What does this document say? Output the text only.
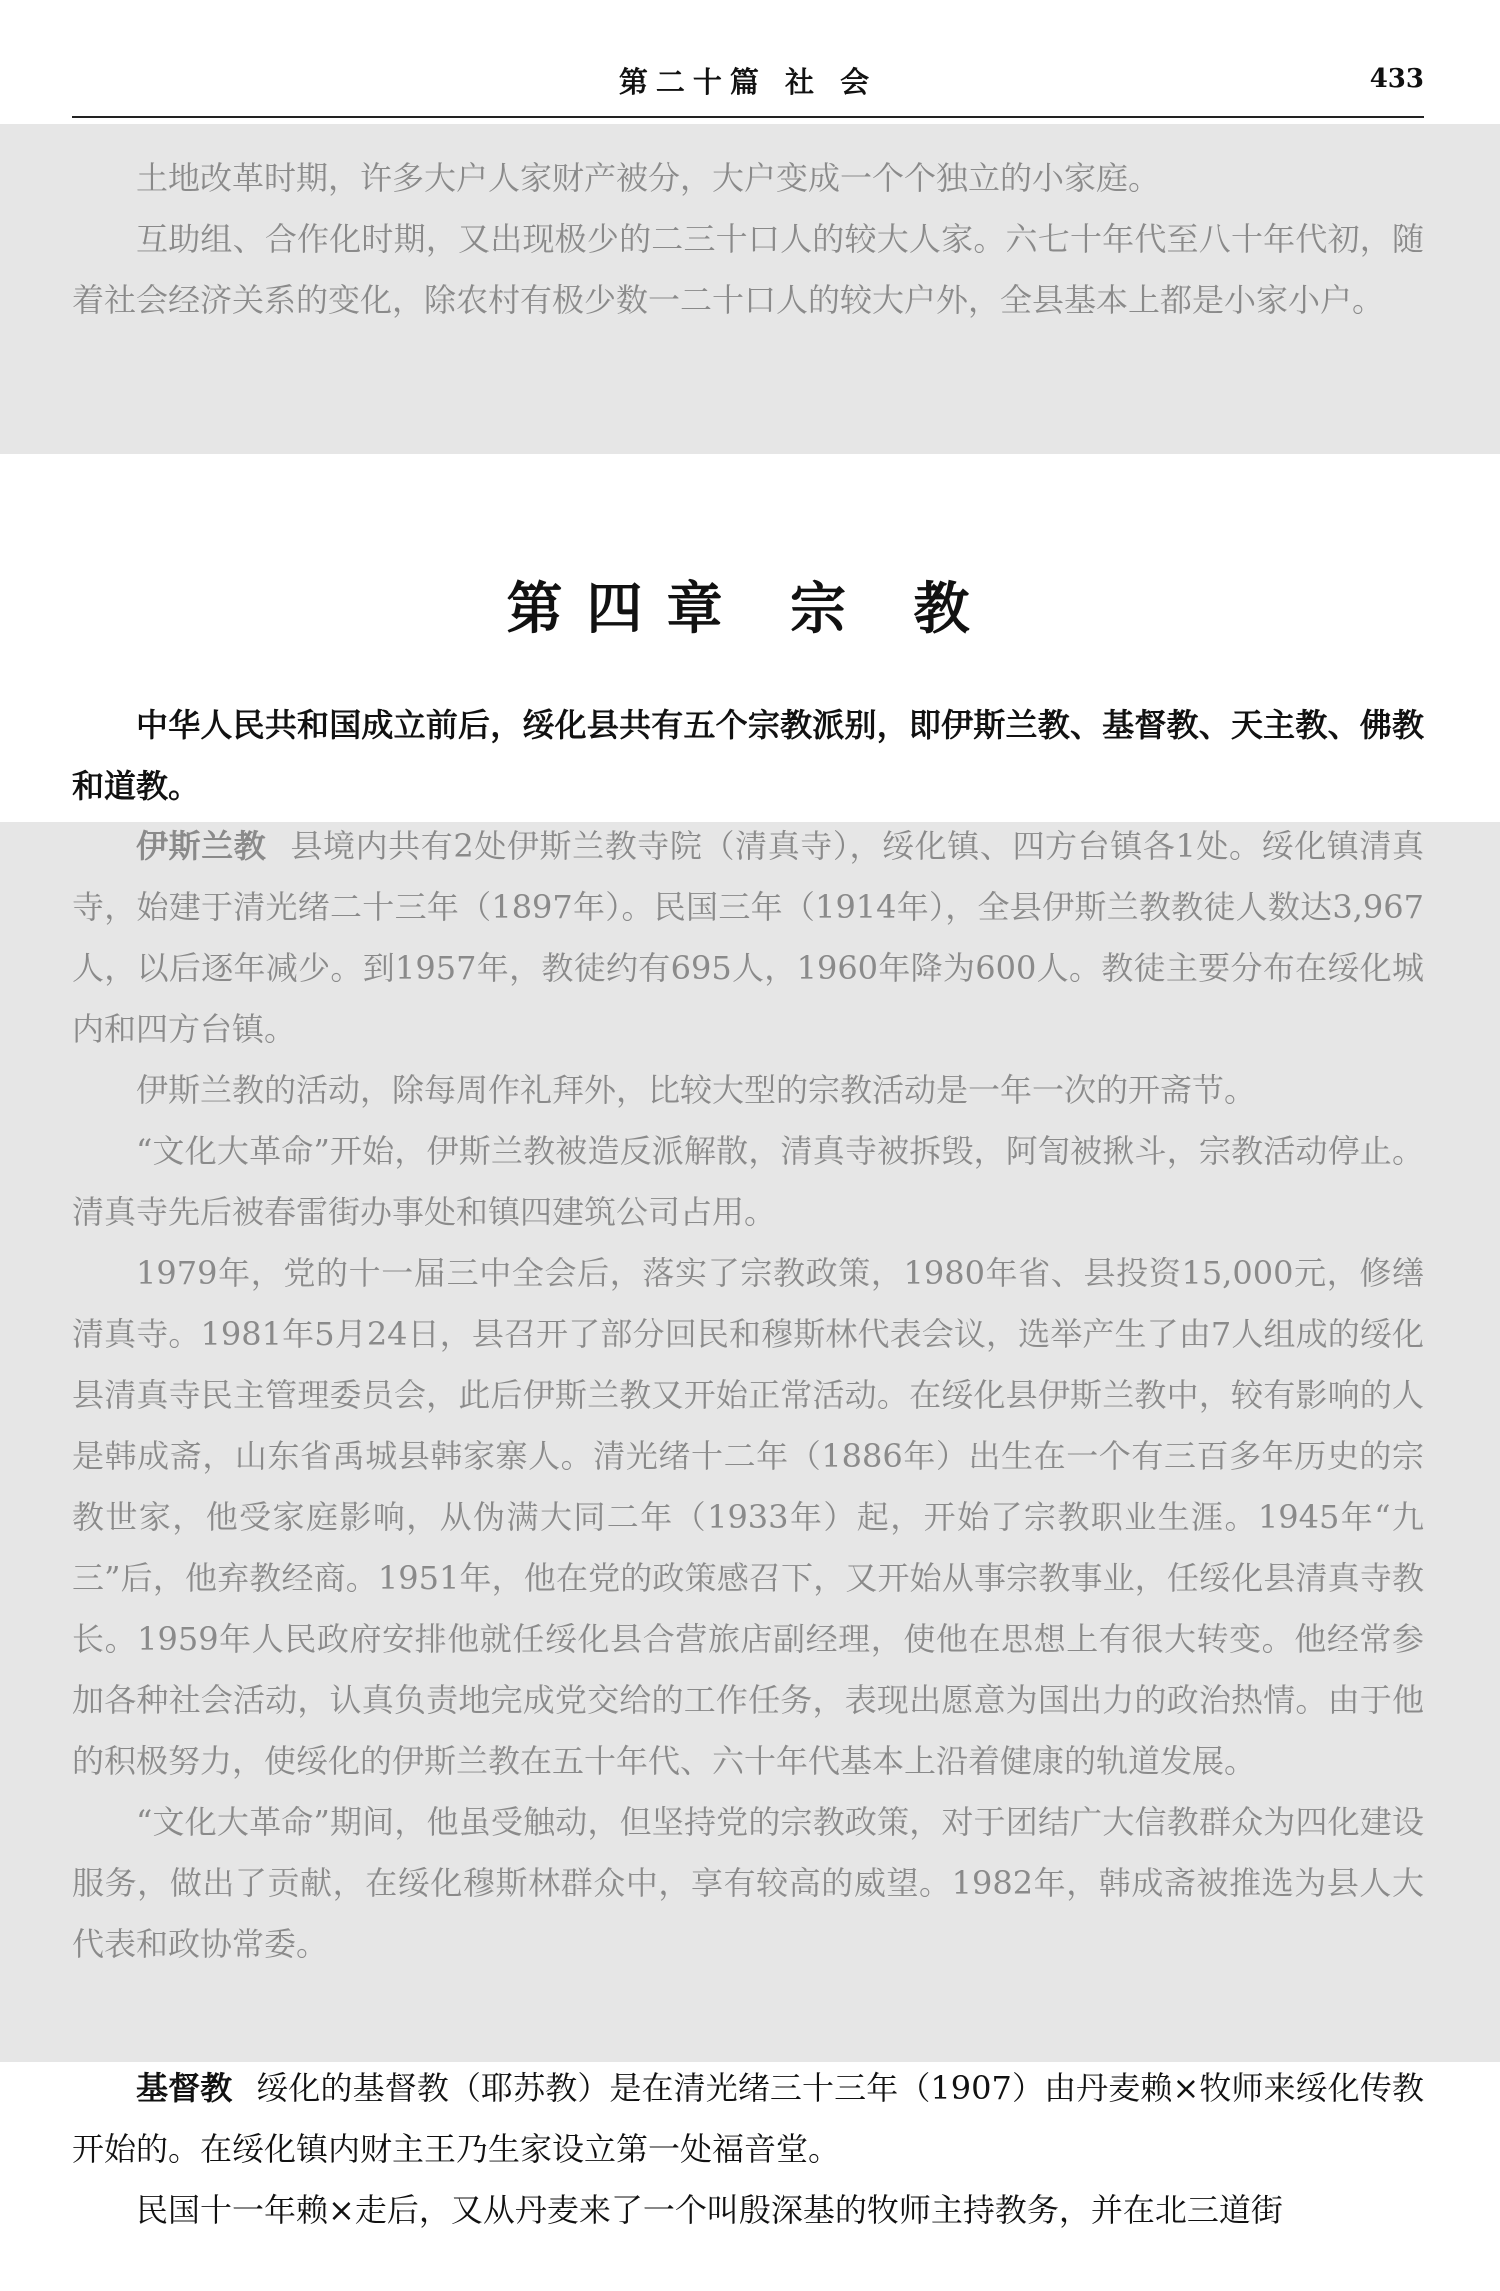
第二十篇 社 会	433

土地改革时期，许多大户人家财产被分，大户变成一个个独立的小家庭。

互助组、合作化时期，又出现极少的二三十口人的较大人家。六七十年代至八十年代初，随着社会经济关系的变化，除农村有极少数一二十口人的较大户外，全县基本上都是小家小户。

第四章 宗 教

中华人民共和国成立前后，绥化县共有五个宗教派别，即伊斯兰教、基督教、天主教、佛教和道教。

伊斯兰教 县境内共有2处伊斯兰教寺院（清真寺），绥化镇、四方台镇各1处。绥化镇清真寺，始建于清光绪二十三年（1897年）。民国三年（1914年），全县伊斯兰教教徒人数达3,967人，以后逐年减少。到1957年，教徒约有695人，1960年降为600人。教徒主要分布在绥化城内和四方台镇。

伊斯兰教的活动，除每周作礼拜外，比较大型的宗教活动是一年一次的开斋节。

“文化大革命”开始，伊斯兰教被造反派解散，清真寺被拆毁，阿訇被揪斗，宗教活动停止。清真寺先后被春雷街办事处和镇四建筑公司占用。

1979年，党的十一届三中全会后，落实了宗教政策，1980年省、县投资15,000元，修缮清真寺。1981年5月24日，县召开了部分回民和穆斯林代表会议，选举产生了由7人组成的绥化县清真寺民主管理委员会，此后伊斯兰教又开始正常活动。在绥化县伊斯兰教中，较有影响的人是韩成斋，山东省禹城县韩家寨人。清光绪十二年（1886年）出生在一个有三百多年历史的宗教世家，他受家庭影响，从伪满大同二年（1933年）起，开始了宗教职业生涯。1945年“九三”后，他弃教经商。1951年，他在党的政策感召下，又开始从事宗教事业，任绥化县清真寺教长。1959年人民政府安排他就任绥化县合营旅店副经理，使他在思想上有很大转变。他经常参加各种社会活动，认真负责地完成党交给的工作任务，表现出愿意为国出力的政治热情。由于他的积极努力，使绥化的伊斯兰教在五十年代、六十年代基本上沿着健康的轨道发展。

“文化大革命”期间，他虽受触动，但坚持党的宗教政策，对于团结广大信教群众为四化建设服务，做出了贡献，在绥化穆斯林群众中，享有较高的威望。1982年，韩成斋被推选为县人大代表和政协常委。

基督教 绥化的基督教（耶苏教）是在清光绪三十三年（1907）由丹麦赖×牧师来绥化传教开始的。在绥化镇内财主王乃生家设立第一处福音堂。

民国十一年赖×走后，又从丹麦来了一个叫殷深基的牧师主持教务，并在北三道街
